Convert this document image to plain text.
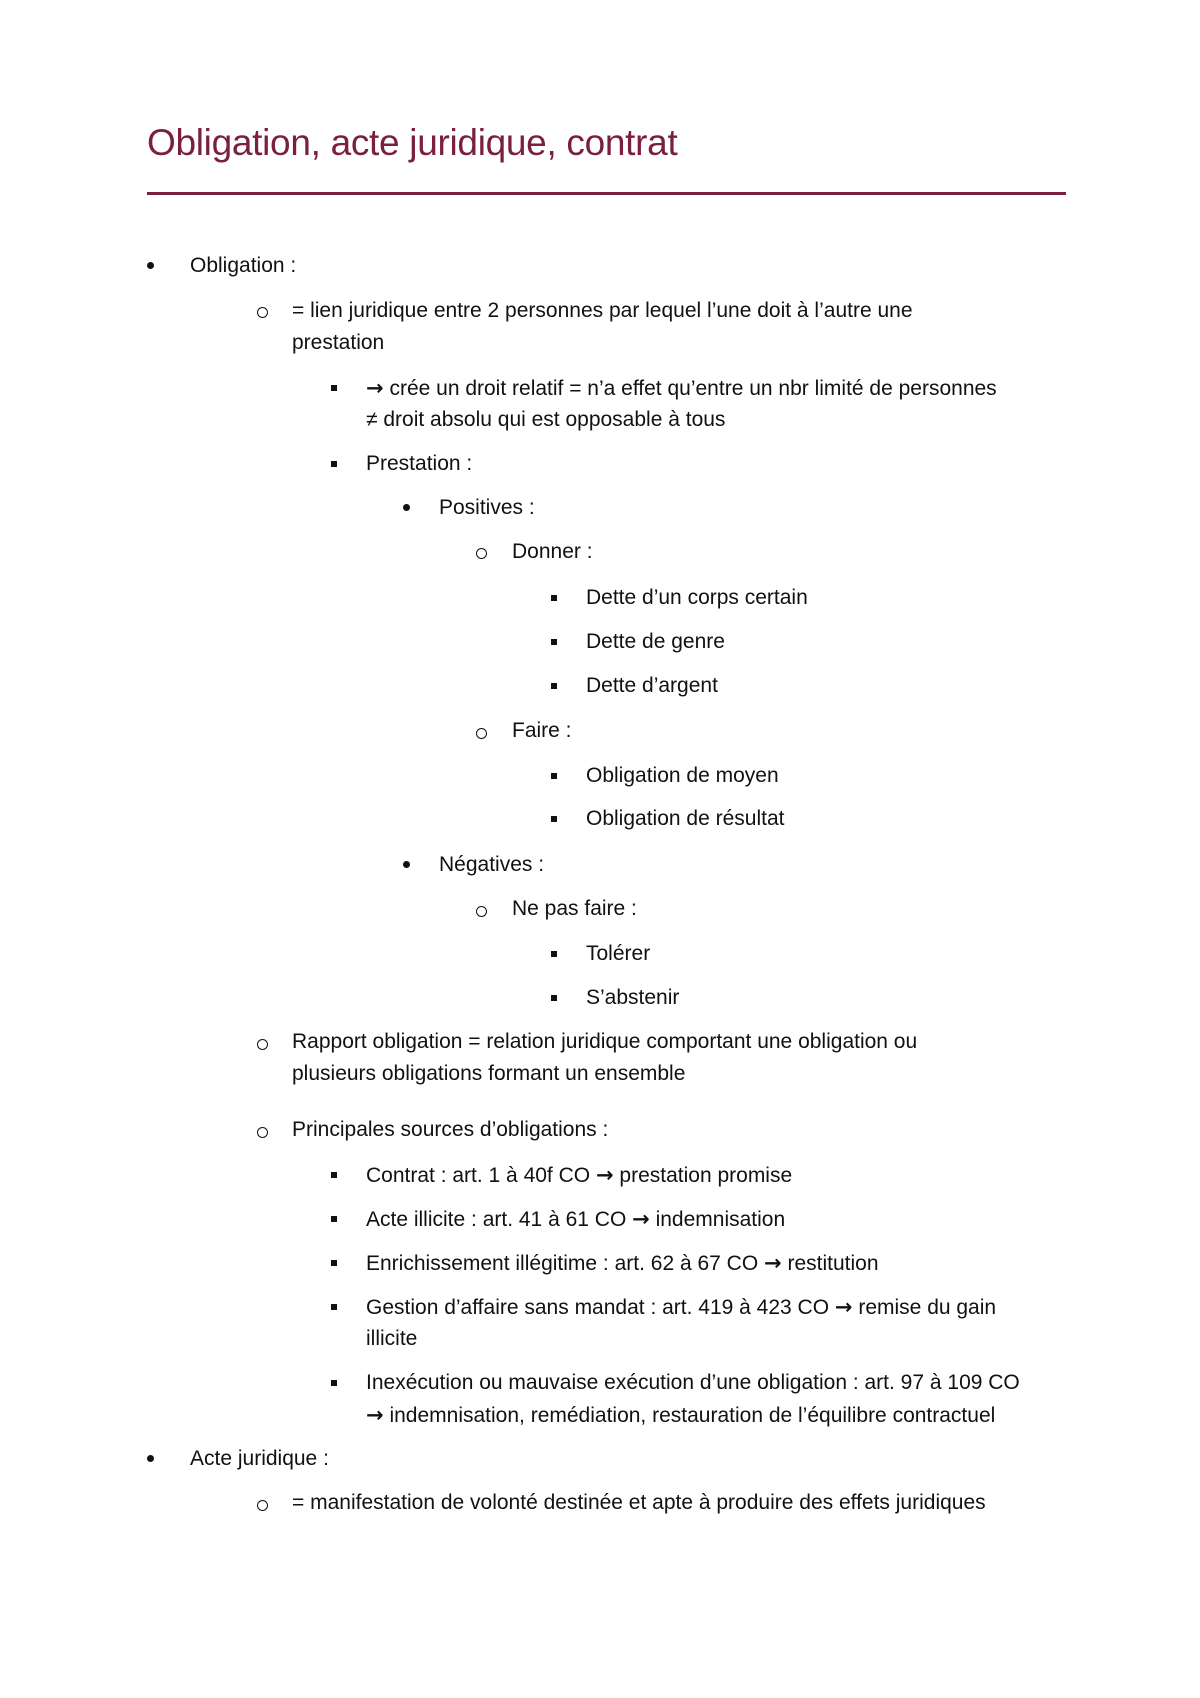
Obligation, acte juridique, contrat
Obligation :
= lien juridique entre 2 personnes par lequel l’une doit à l’autre une
prestation
→ crée un droit relatif = n’a effet qu’entre un nbr limité de personnes
≠ droit absolu qui est opposable à tous
Prestation :
Positives :
Donner :
Dette d’un corps certain
Dette de genre
Dette d’argent
Faire :
Obligation de moyen
Obligation de résultat
Négatives :
Ne pas faire :
Tolérer
S’abstenir
Rapport obligation = relation juridique comportant une obligation ou
plusieurs obligations formant un ensemble
Principales sources d’obligations :
Contrat : art. 1 à 40f CO → prestation promise
Acte illicite : art. 41 à 61 CO → indemnisation
Enrichissement illégitime : art. 62 à 67 CO → restitution
Gestion d’affaire sans mandat : art. 419 à 423 CO → remise du gain
illicite
Inexécution ou mauvaise exécution d’une obligation : art. 97 à 109 CO
→ indemnisation, remédiation, restauration de l’équilibre contractuel
Acte juridique :
= manifestation de volonté destinée et apte à produire des effets juridiques
